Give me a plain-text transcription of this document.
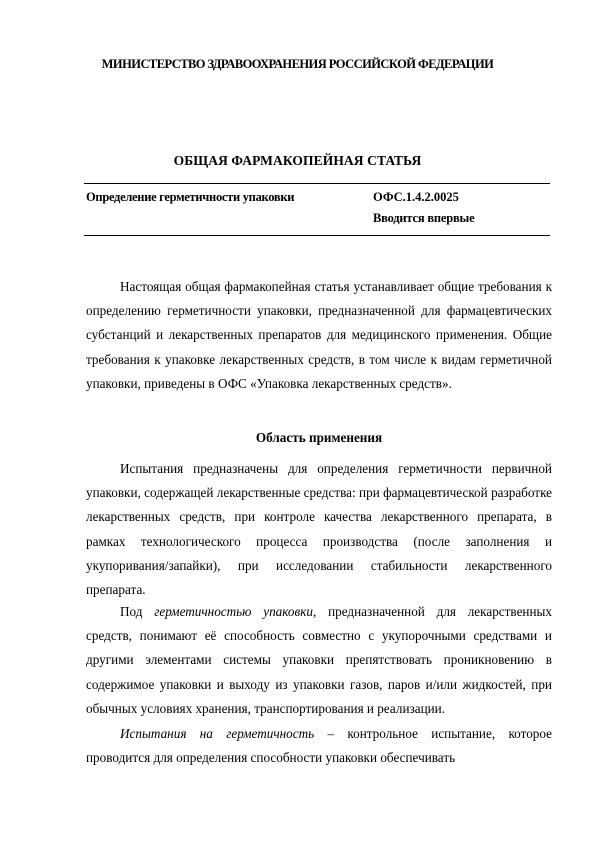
МИНИСТЕРСТВО ЗДРАВООХРАНЕНИЯ РОССИЙСКОЙ ФЕДЕРАЦИИ
ОБЩАЯ ФАРМАКОПЕЙНАЯ СТАТЬЯ
Определение герметичности упаковки	ОФС.1.4.2.0025
Вводится впервые

Настоящая общая фармакопейная статья устанавливает общие требования к определению герметичности упаковки, предназначенной для фармацевтических субстанций и лекарственных препаратов для медицинского применения. Общие требования к упаковке лекарственных средств, в том числе к видам герметичной упаковки, приведены в ОФС «Упаковка лекарственных средств».

Область применения

Испытания предназначены для определения герметичности первичной упаковки, содержащей лекарственные средства: при фармацевтической разработке лекарственных средств, при контроле качества лекарственного препарата, в рамках технологического процесса производства (после заполнения и укупоривания/запайки), при исследовании стабильности лекарственного препарата.

Под герметичностью упаковки, предназначенной для лекарственных средств, понимают её способность совместно с укупорочными средствами и другими элементами системы упаковки препятствовать проникновению в содержимое упаковки и выходу из упаковки газов, паров и/или жидкостей, при обычных условиях хранения, транспортирования и реализации.

Испытания на герметичность – контрольное испытание, которое проводится для определения способности упаковки обеспечивать
